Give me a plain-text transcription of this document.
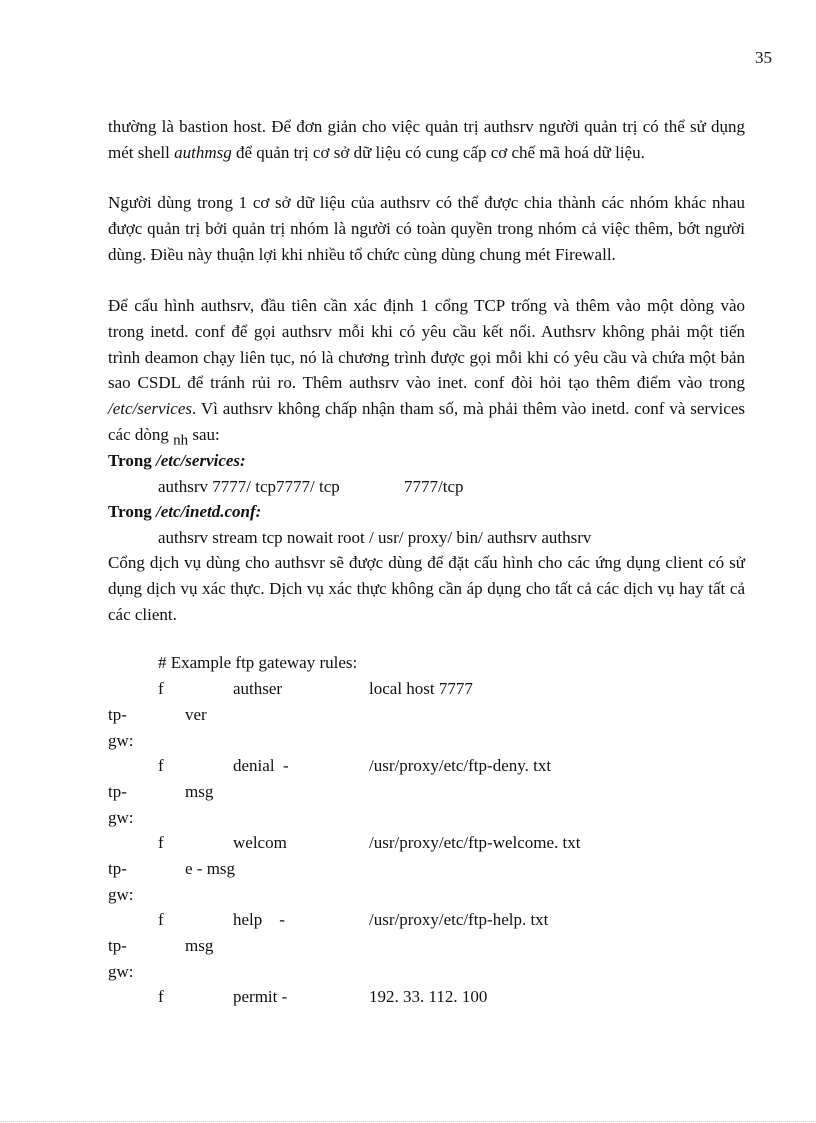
35

thường là bastion host. Để đơn giản cho việc quản trị authsrv người quản trị có thể sử dụng mét shell authmsg để quản trị cơ sở dữ liệu có cung cấp cơ chế mã hoá dữ liệu.

Người dùng trong 1 cơ sở dữ liệu của authsrv có thể được chia thành các nhóm khác nhau được quản trị bởi quản trị nhóm là người có toàn quyền trong nhóm cả việc thêm, bớt người dùng. Điều này thuận lợi khi nhiều tổ chức cùng dùng chung mét Firewall.

Để cấu hình authsrv, đầu tiên cần xác định 1 cổng TCP trống và thêm vào một dòng vào trong inetd. conf để gọi authsrv mỗi khi có yêu cầu kết nối. Authsrv không phải một tiến trình deamon chạy liên tục, nó là chương trình được gọi mỗi khi có yêu cầu và chứa một bản sao CSDL để tránh rủi ro. Thêm authsrv vào inet. conf đòi hỏi tạo thêm điểm vào trong /etc/services. Vì authsrv không chấp nhận tham số, mà phải thêm vào inetd. conf và services các dòng $_{nh}$ sau:

Trong /etc/services:
authsrv 7777/ tcp7777/ tcp	7777/tcp
Trong /etc/inetd.conf:
authsrv stream tcp nowait root / usr/ proxy/ bin/ authsrv authsrv

Cổng dịch vụ dùng cho authsvr sẽ được dùng để đặt cấu hình cho các ứng dụng client có sử dụng dịch vụ xác thực. Dịch vụ xác thực không cần áp dụng cho tất cả các dịch vụ hay tất cả các client.

# Example ftp gateway rules:
f	authser	local host 7777
tp-	ver
gw:
f	denial  -	/usr/proxy/etc/ftp-deny. txt
tp-	msg
gw:
f	welcom	/usr/proxy/etc/ftp-welcome. txt
tp-	e - msg
gw:
f	help    -	/usr/proxy/etc/ftp-help. txt
tp-	msg
gw:
f	permit -	192. 33. 112. 100
